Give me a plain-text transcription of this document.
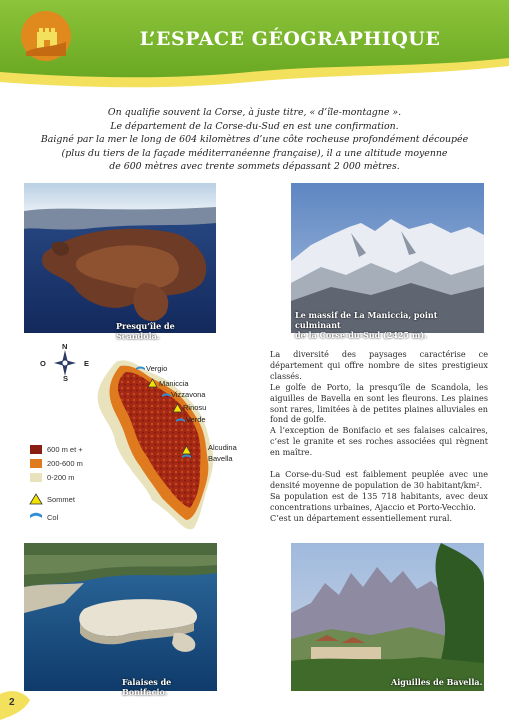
L’ESPACE GÉOGRAPHIQUE
On qualifie souvent la Corse, à juste titre, « d’île-montagne ».
Le département de la Corse-du-Sud en est une confirmation.
Baigné par la mer le long de 604 kilomètres d’une côte rocheuse profondément découpée
(plus du tiers de la façade méditerranéenne française), il a une altitude moyenne
de 600 mètres avec trente sommets dépassant 2 000 mètres.
Presqu’île de Scandola.
Le massif de La Maniccia, point culminant
de la Corse-du-Sud (2425 m).
N
S
E
O
Vergio
Maniccia
Vizzavona
Rinosu
Verde
Alcudina
Bavella
600 m et +
200-600 m
0-200 m
Sommet
Col

La diversité des paysages caractérise ce département qui offre nombre de sites prestigieux classés.

Le golfe de Porto, la presqu’île de Scandola, les aiguilles de Bavella en sont les fleurons. Les plaines sont rares, limitées à de petites plaines alluviales en fond de golfe.

A l’exception de Bonifacio et ses falaises calcaires, c’est le granite et ses roches associées qui règnent en maître.

La Corse-du-Sud est faiblement peuplée avec une densité moyenne de population de 30 habitant/km².

Sa population est de 135 718 habitants, avec deux concentrations urbaines, Ajaccio et Porto-Vecchio.

C’est un département essentiellement rural.

Falaises de Bonifacio.
Aiguilles de Bavella.
2
